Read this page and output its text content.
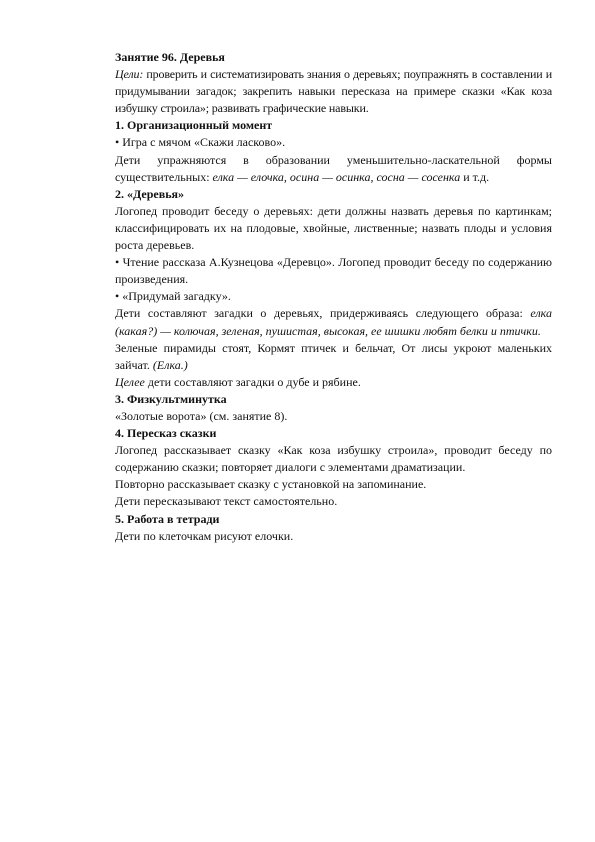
Занятие 96. Деревья

Цели: проверить и систематизировать знания о деревьях; поупражнять в составлении и придумывании загадок; закрепить навыки пересказа на примере сказки «Как коза избушку строила»; развивать графические навыки.

1. Организационный момент

• Игра с мячом «Скажи ласково».

Дети упражняются в образовании уменьшительно-ласкательной формы существительных: елка — елочка, осина — осинка, сосна — сосенка и т.д.

2. «Деревья»

Логопед проводит беседу о деревьях: дети должны назвать деревья по картинкам; классифицировать их на плодовые, хвойные, лиственные; назвать плоды и условия роста деревьев.

• Чтение рассказа А.Кузнецова «Деревцо». Логопед проводит беседу по содержанию произведения.

• «Придумай загадку».

Дети составляют загадки о деревьях, придерживаясь следующего образа: елка (какая?) — колючая, зеленая, пушистая, высокая, ее шишки любят белки и птички.

Зеленые пирамиды стоят, Кормят птичек и бельчат, От лисы укроют маленьких зайчат. (Елка.)

Целее дети составляют загадки о дубе и рябине.

3. Физкультминутка

«Золотые ворота» (см. занятие 8).

4. Пересказ сказки

Логопед рассказывает сказку «Как коза избушку строила», проводит беседу по содержанию сказки; повторяет диалоги с элементами драматизации.

Повторно рассказывает сказку с установкой на запоминание.

Дети пересказывают текст самостоятельно.

5. Работа в тетради

Дети по клеточкам рисуют елочки.
